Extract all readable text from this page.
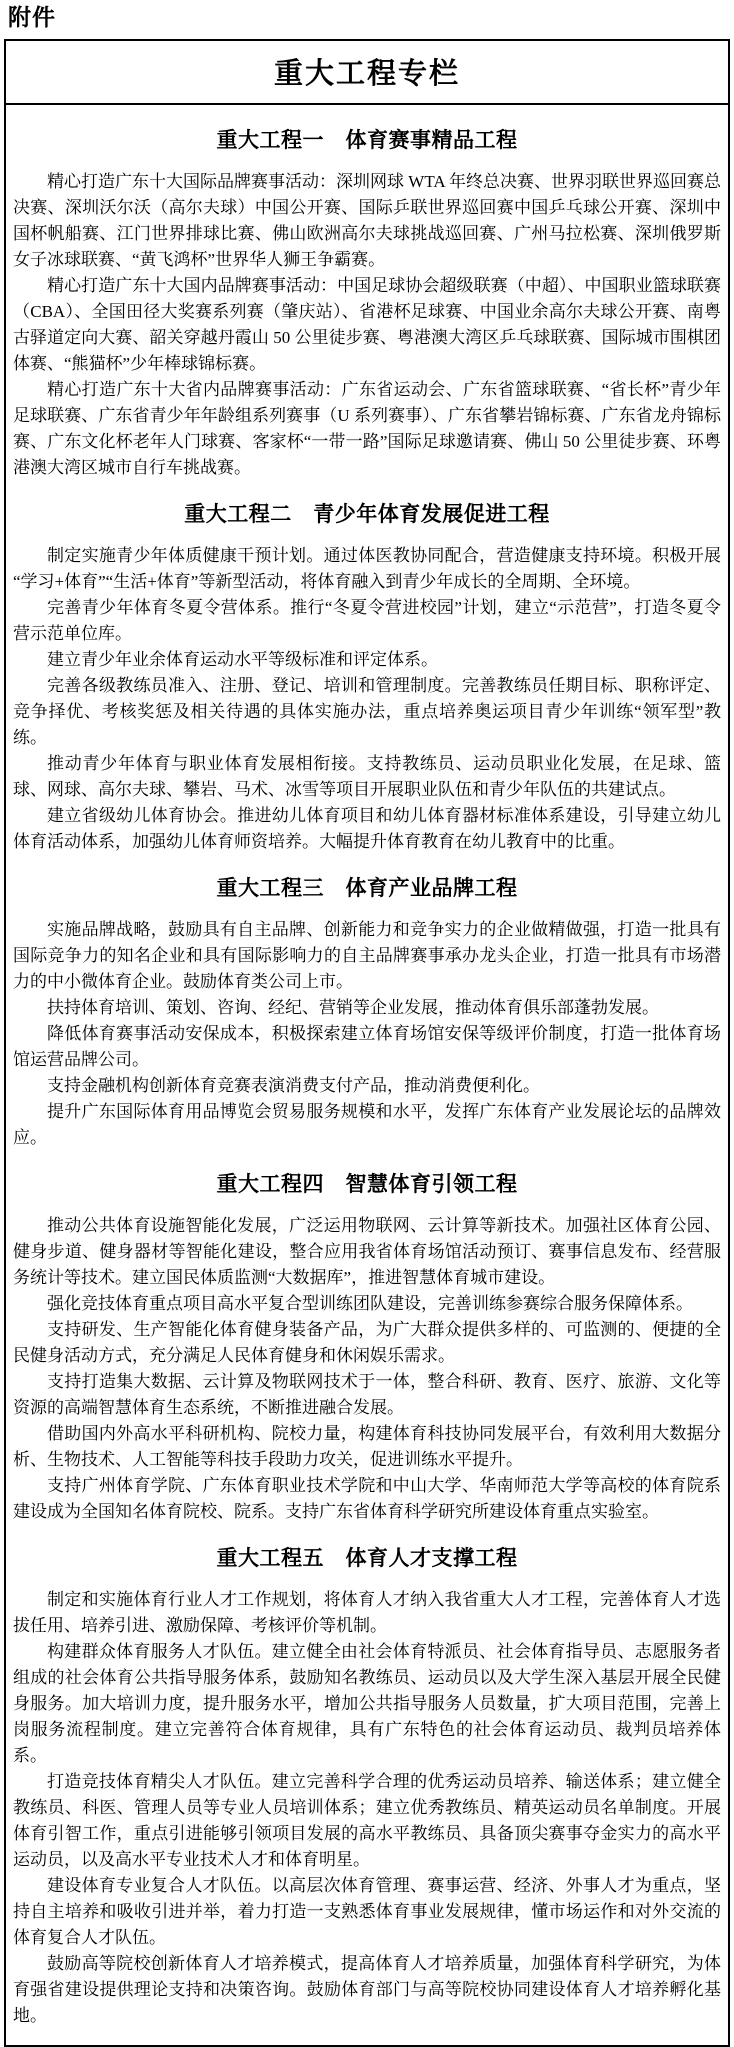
附件
重大工程专栏
重大工程一　体育赛事精品工程

精心打造广东十大国际品牌赛事活动：深圳网球 WTA 年终总决赛、世界羽联世界巡回赛总决赛、深圳沃尔沃（高尔夫球）中国公开赛、国际乒联世界巡回赛中国乒乓球公开赛、深圳中国杯帆船赛、江门世界排球比赛、佛山欧洲高尔夫球挑战巡回赛、广州马拉松赛、深圳俄罗斯女子冰球联赛、“黄飞鸿杯”世界华人狮王争霸赛。

精心打造广东十大国内品牌赛事活动：中国足球协会超级联赛（中超）、中国职业篮球联赛（CBA）、全国田径大奖赛系列赛（肇庆站）、省港杯足球赛、中国业余高尔夫球公开赛、南粤古驿道定向大赛、韶关穿越丹霞山 50 公里徒步赛、粤港澳大湾区乒乓球联赛、国际城市围棋团体赛、“熊猫杯”少年棒球锦标赛。

精心打造广东十大省内品牌赛事活动：广东省运动会、广东省篮球联赛、“省长杯”青少年足球联赛、广东省青少年年龄组系列赛事（U 系列赛事）、广东省攀岩锦标赛、广东省龙舟锦标赛、广东文化杯老年人门球赛、客家杯“一带一路”国际足球邀请赛、佛山 50 公里徒步赛、环粤港澳大湾区城市自行车挑战赛。

重大工程二　青少年体育发展促进工程

制定实施青少年体质健康干预计划。通过体医教协同配合，营造健康支持环境。积极开展“学习+体育”“生活+体育”等新型活动，将体育融入到青少年成长的全周期、全环境。

完善青少年体育冬夏令营体系。推行“冬夏令营进校园”计划，建立“示范营”，打造冬夏令营示范单位库。

建立青少年业余体育运动水平等级标准和评定体系。

完善各级教练员准入、注册、登记、培训和管理制度。完善教练员任期目标、职称评定、竞争择优、考核奖惩及相关待遇的具体实施办法，重点培养奥运项目青少年训练“领军型”教练。

推动青少年体育与职业体育发展相衔接。支持教练员、运动员职业化发展，在足球、篮球、网球、高尔夫球、攀岩、马术、冰雪等项目开展职业队伍和青少年队伍的共建试点。

建立省级幼儿体育协会。推进幼儿体育项目和幼儿体育器材标准体系建设，引导建立幼儿体育活动体系，加强幼儿体育师资培养。大幅提升体育教育在幼儿教育中的比重。

重大工程三　体育产业品牌工程

实施品牌战略，鼓励具有自主品牌、创新能力和竞争实力的企业做精做强，打造一批具有国际竞争力的知名企业和具有国际影响力的自主品牌赛事承办龙头企业，打造一批具有市场潜力的中小微体育企业。鼓励体育类公司上市。

扶持体育培训、策划、咨询、经纪、营销等企业发展，推动体育俱乐部蓬勃发展。

降低体育赛事活动安保成本，积极探索建立体育场馆安保等级评价制度，打造一批体育场馆运营品牌公司。

支持金融机构创新体育竞赛表演消费支付产品，推动消费便利化。

提升广东国际体育用品博览会贸易服务规模和水平，发挥广东体育产业发展论坛的品牌效应。

重大工程四　智慧体育引领工程

推动公共体育设施智能化发展，广泛运用物联网、云计算等新技术。加强社区体育公园、健身步道、健身器材等智能化建设，整合应用我省体育场馆活动预订、赛事信息发布、经营服务统计等技术。建立国民体质监测“大数据库”，推进智慧体育城市建设。

强化竞技体育重点项目高水平复合型训练团队建设，完善训练参赛综合服务保障体系。

支持研发、生产智能化体育健身装备产品，为广大群众提供多样的、可监测的、便捷的全民健身活动方式，充分满足人民体育健身和休闲娱乐需求。

支持打造集大数据、云计算及物联网技术于一体，整合科研、教育、医疗、旅游、文化等资源的高端智慧体育生态系统，不断推进融合发展。

借助国内外高水平科研机构、院校力量，构建体育科技协同发展平台，有效利用大数据分析、生物技术、人工智能等科技手段助力攻关，促进训练水平提升。

支持广州体育学院、广东体育职业技术学院和中山大学、华南师范大学等高校的体育院系建设成为全国知名体育院校、院系。支持广东省体育科学研究所建设体育重点实验室。

重大工程五　体育人才支撑工程

制定和实施体育行业人才工作规划，将体育人才纳入我省重大人才工程，完善体育人才选拔任用、培养引进、激励保障、考核评价等机制。

构建群众体育服务人才队伍。建立健全由社会体育特派员、社会体育指导员、志愿服务者组成的社会体育公共指导服务体系，鼓励知名教练员、运动员以及大学生深入基层开展全民健身服务。加大培训力度，提升服务水平，增加公共指导服务人员数量，扩大项目范围，完善上岗服务流程制度。建立完善符合体育规律，具有广东特色的社会体育运动员、裁判员培养体系。

打造竞技体育精尖人才队伍。建立完善科学合理的优秀运动员培养、输送体系；建立健全教练员、科医、管理人员等专业人员培训体系；建立优秀教练员、精英运动员名单制度。开展体育引智工作，重点引进能够引领项目发展的高水平教练员、具备顶尖赛事夺金实力的高水平运动员，以及高水平专业技术人才和体育明星。

建设体育专业复合人才队伍。以高层次体育管理、赛事运营、经济、外事人才为重点，坚持自主培养和吸收引进并举，着力打造一支熟悉体育事业发展规律，懂市场运作和对外交流的体育复合人才队伍。

鼓励高等院校创新体育人才培养模式，提高体育人才培养质量，加强体育科学研究，为体育强省建设提供理论支持和决策咨询。鼓励体育部门与高等院校协同建设体育人才培养孵化基地。
